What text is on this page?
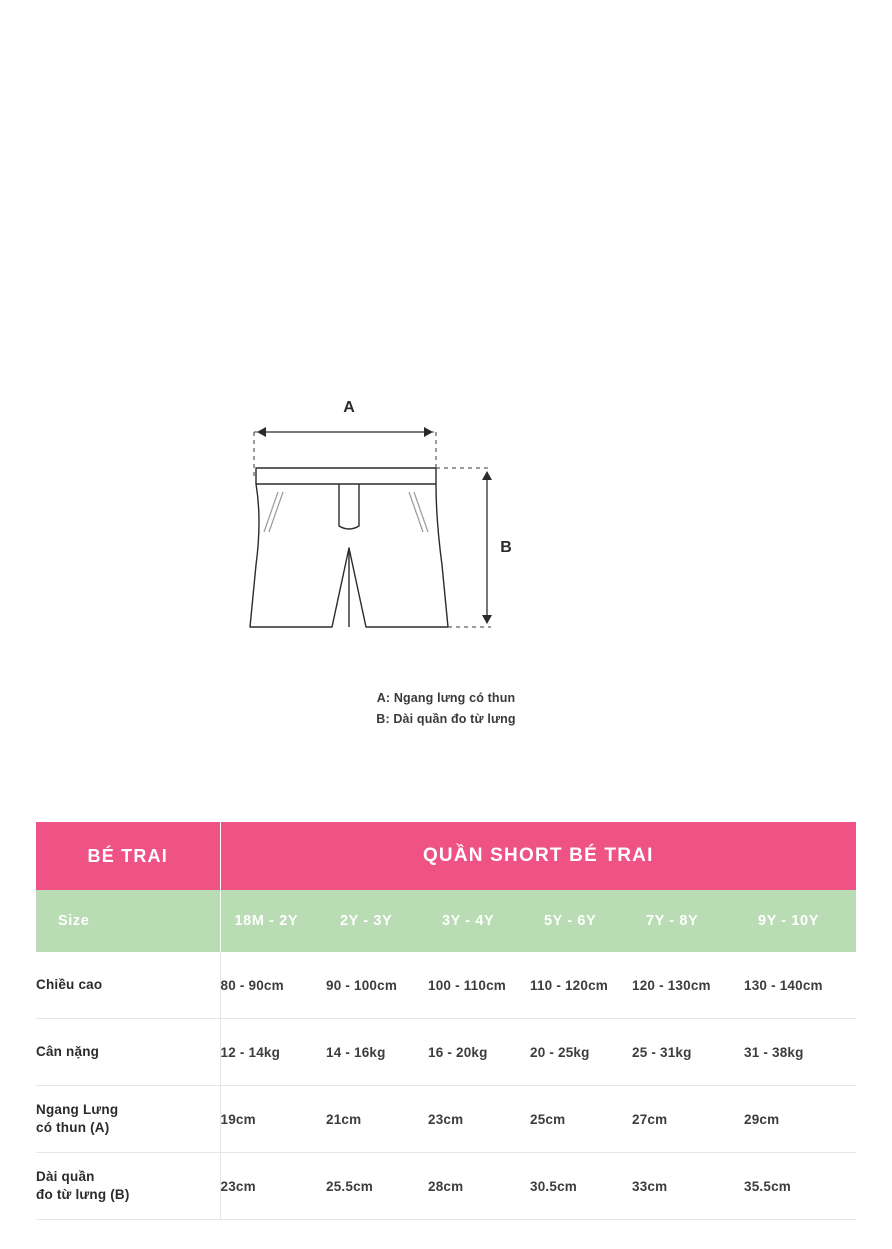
A
B
A: Ngang lưng có thun
B: Dài quần đo từ lưng
BÉ TRAI	QUẦN SHORT BÉ TRAI					
Size	18M - 2Y	2Y - 3Y	3Y - 4Y	5Y - 6Y	7Y - 8Y	9Y - 10Y

Chiều cao	80 - 90cm	90 - 100cm	100 - 110cm	110 - 120cm	120 - 130cm	130 - 140cm

Cân nặng	12 - 14kg	14 - 16kg	16 - 20kg	20 - 25kg	25 - 31kg	31 - 38kg

Ngang Lưng
có thun (A)	19cm	21cm	23cm	25cm	27cm	29cm

Dài quần
đo từ lưng (B)	23cm	25.5cm	28cm	30.5cm	33cm	35.5cm
